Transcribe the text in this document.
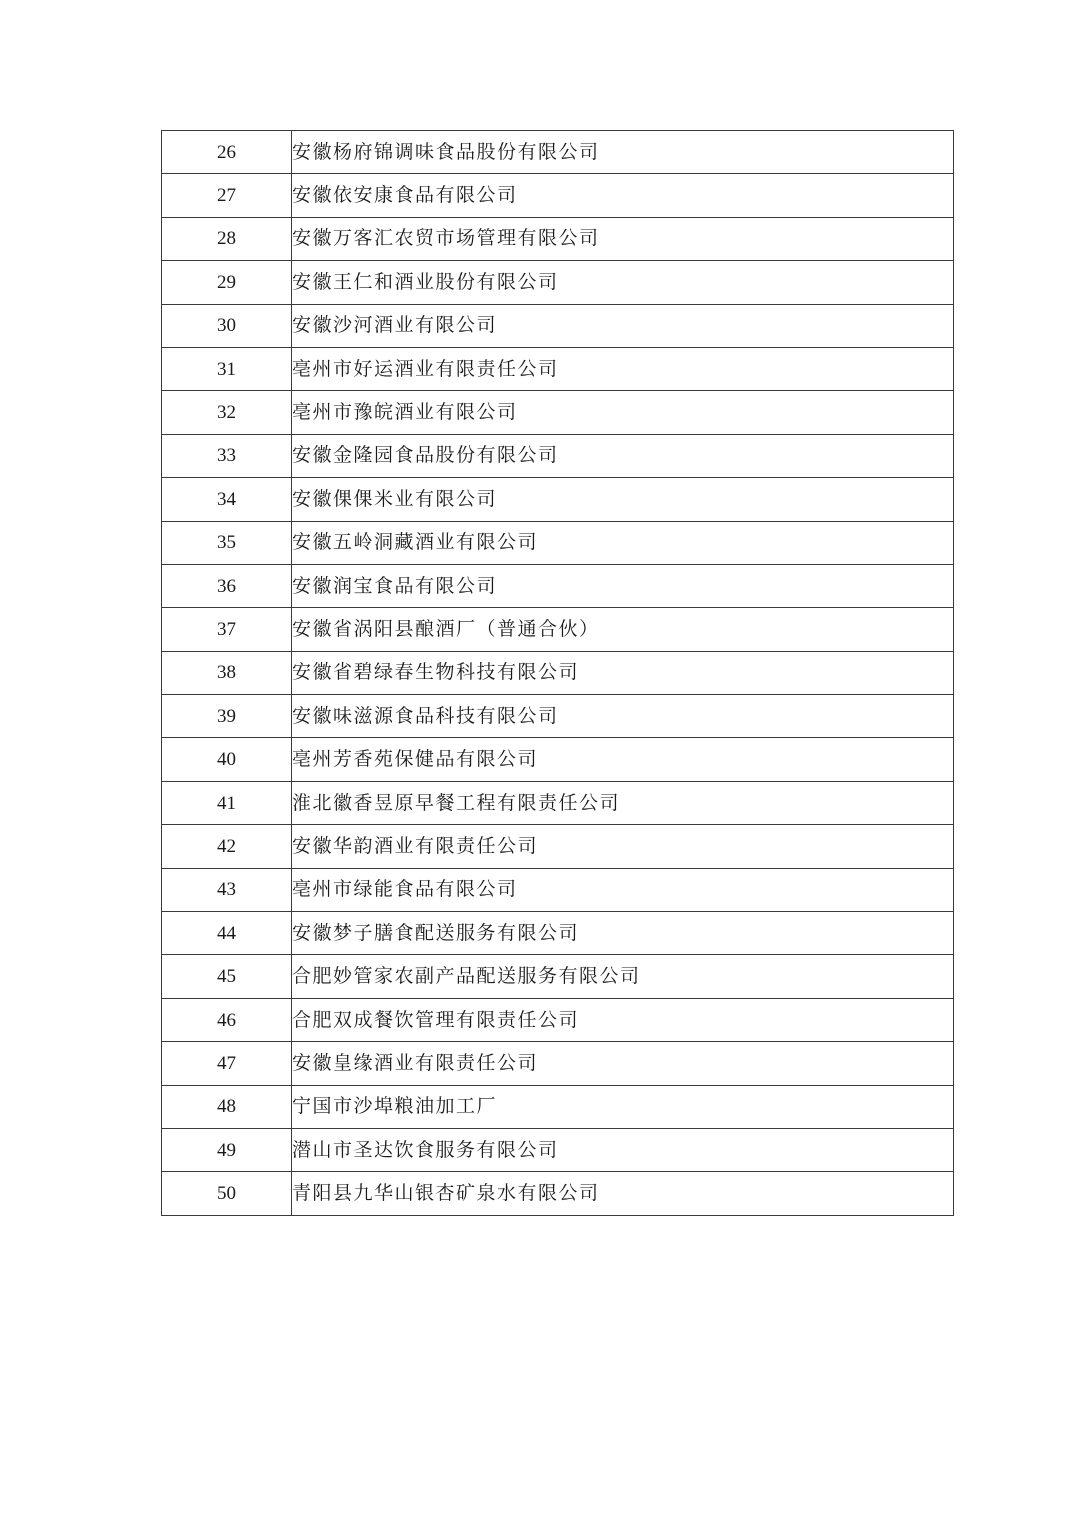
26	安徽杨府锦调味食品股份有限公司
27	安徽依安康食品有限公司
28	安徽万客汇农贸市场管理有限公司
29	安徽王仁和酒业股份有限公司
30	安徽沙河酒业有限公司
31	亳州市好运酒业有限责任公司
32	亳州市豫皖酒业有限公司
33	安徽金隆园食品股份有限公司
34	安徽倮倮米业有限公司
35	安徽五岭洞藏酒业有限公司
36	安徽润宝食品有限公司
37	安徽省涡阳县酿酒厂（普通合伙）
38	安徽省碧绿春生物科技有限公司
39	安徽味滋源食品科技有限公司
40	亳州芳香苑保健品有限公司
41	淮北徽香昱原早餐工程有限责任公司
42	安徽华韵酒业有限责任公司
43	亳州市绿能食品有限公司
44	安徽梦子膳食配送服务有限公司
45	合肥妙管家农副产品配送服务有限公司
46	合肥双成餐饮管理有限责任公司
47	安徽皇缘酒业有限责任公司
48	宁国市沙埠粮油加工厂
49	潜山市圣达饮食服务有限公司
50	青阳县九华山银杏矿泉水有限公司
